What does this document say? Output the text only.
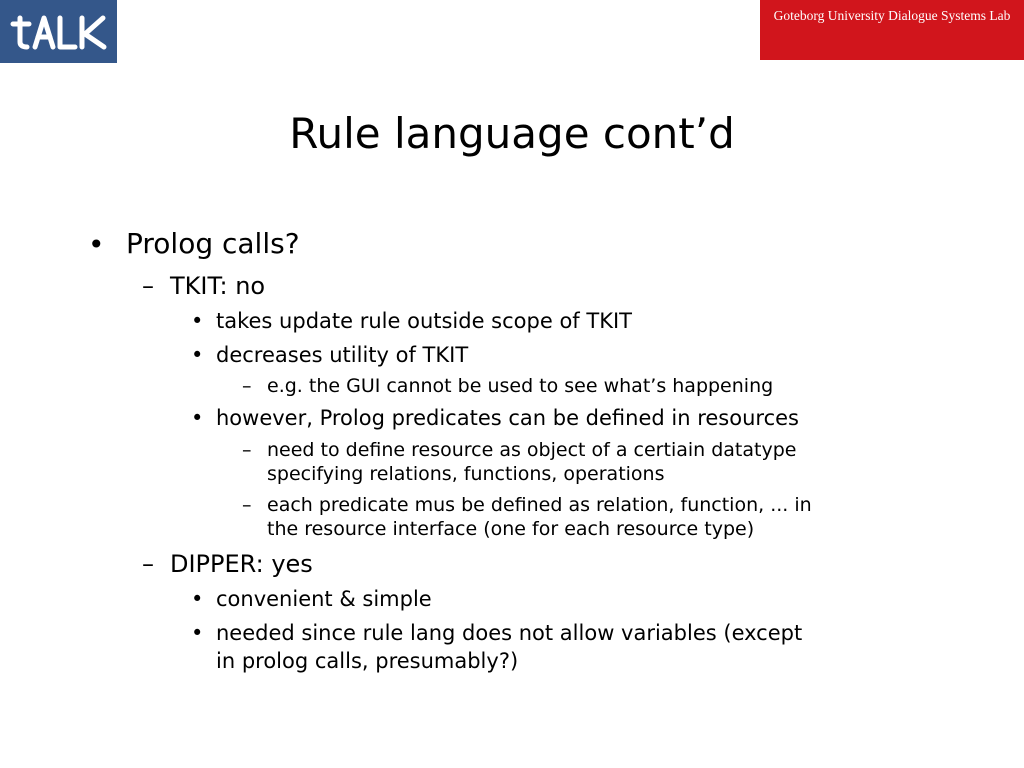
Goteborg University Dialogue Systems Lab
Rule language cont’d
• Prolog calls?
– TKIT: no
• takes update rule outside scope of TKIT
• decreases utility of TKIT
– e.g. the GUI cannot be used to see what’s happening
• however, Prolog predicates can be defined in resources
– need to define resource as object of a certiain datatype
specifying relations, functions, operations
– each predicate mus be defined as relation, function, ... in
the resource interface (one for each resource type)
– DIPPER: yes
• convenient & simple
• needed since rule lang does not allow variables (except
in prolog calls, presumably?)
